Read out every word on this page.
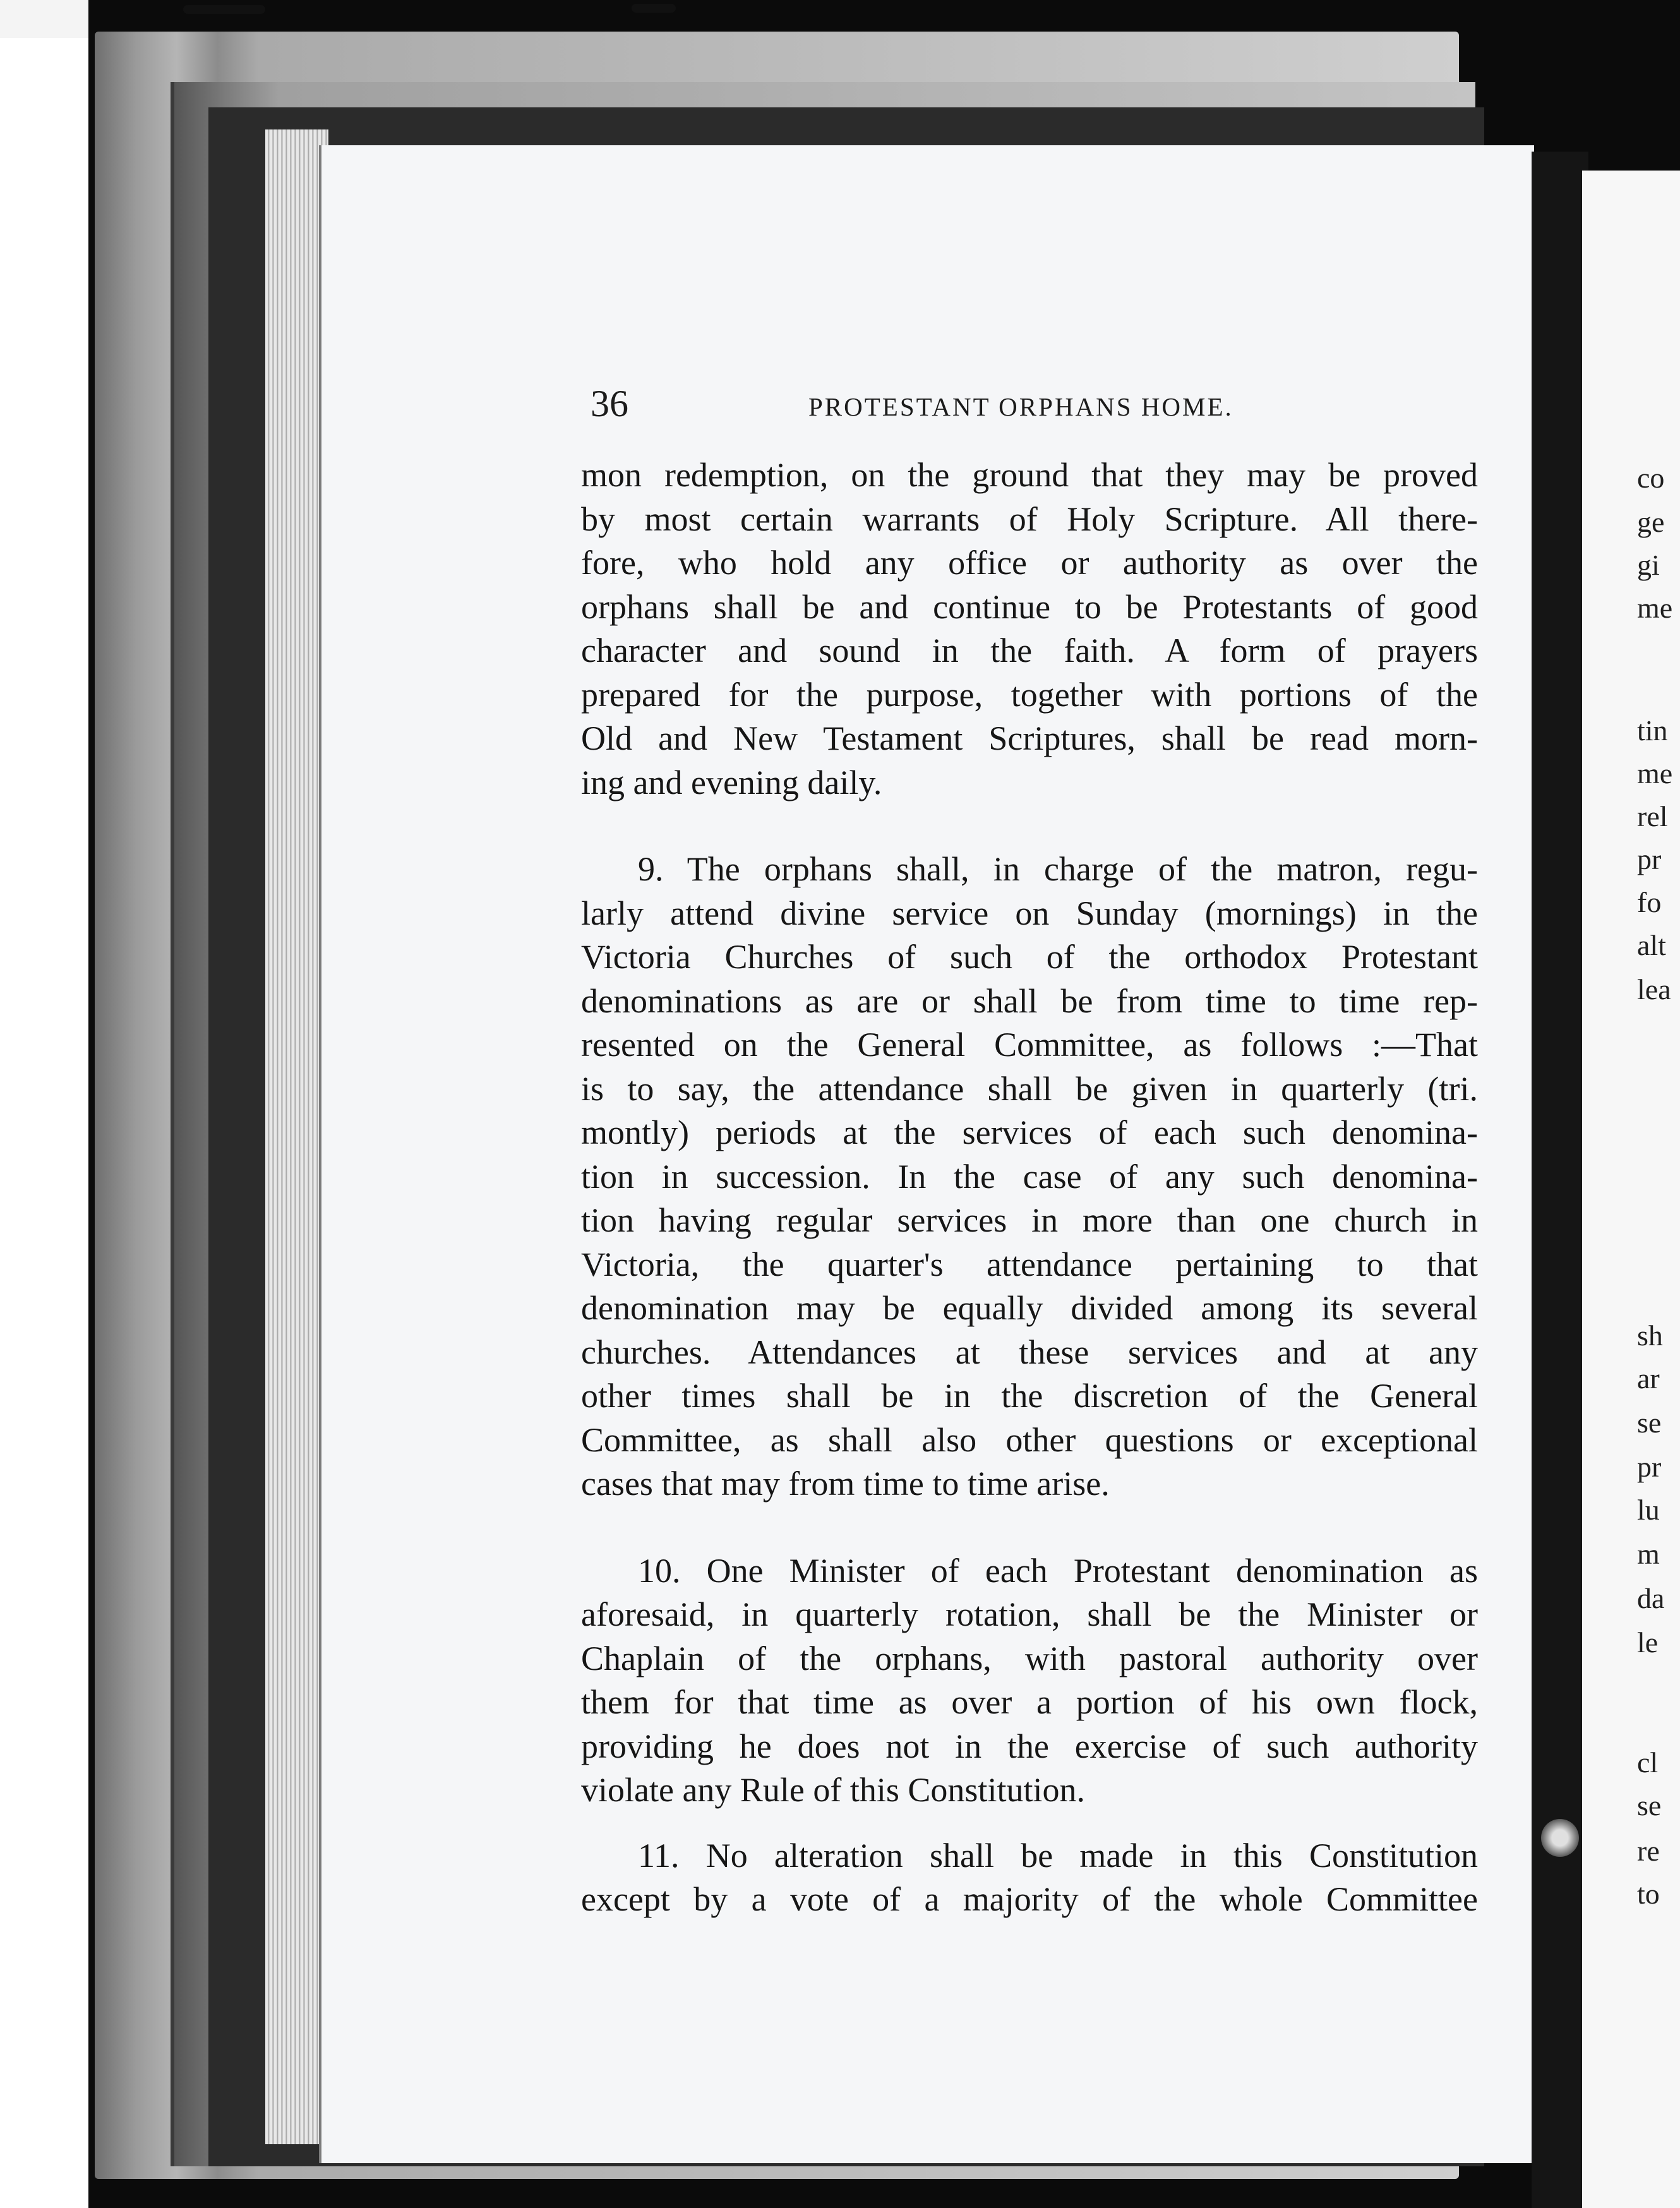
36	PROTESTANT ORPHANS HOME.
mon redemption, on the ground that they may be proved
by most certain warrants of Holy Scripture. All there-
fore, who hold any office or authority as over the
orphans shall be and continue to be Protestants of good
character and sound in the faith. A form of prayers
prepared for the purpose, together with portions of the
Old and New Testament Scriptures, shall be read morn-
ing and evening daily.
9. The orphans shall, in charge of the matron, regu-
larly attend divine service on Sunday (mornings) in the
Victoria Churches of such of the orthodox Protestant
denominations as are or shall be from time to time rep-
resented on the General Committee, as follows :—That
is to say, the attendance shall be given in quarterly (tri.
montly) periods at the services of each such denomina-
tion in succession. In the case of any such denomina-
tion having regular services in more than one church in
Victoria, the quarter's attendance pertaining to that
denomination may be equally divided among its several
churches. Attendances at these services and at any
other times shall be in the discretion of the General
Committee, as shall also other questions or exceptional
cases that may from time to time arise.
10. One Minister of each Protestant denomination as
aforesaid, in quarterly rotation, shall be the Minister or
Chaplain of the orphans, with pastoral authority over
them for that time as over a portion of his own flock,
providing he does not in the exercise of such authority
violate any Rule of this Constitution.
11. No alteration shall be made in this Constitution
except by a vote of a majority of the whole Committee
co
ge
gi
me
tin
me
rel
pr
fo
alt
lea
sh
ar
se
pr
lu
m
da
le
cl
se
re
to
